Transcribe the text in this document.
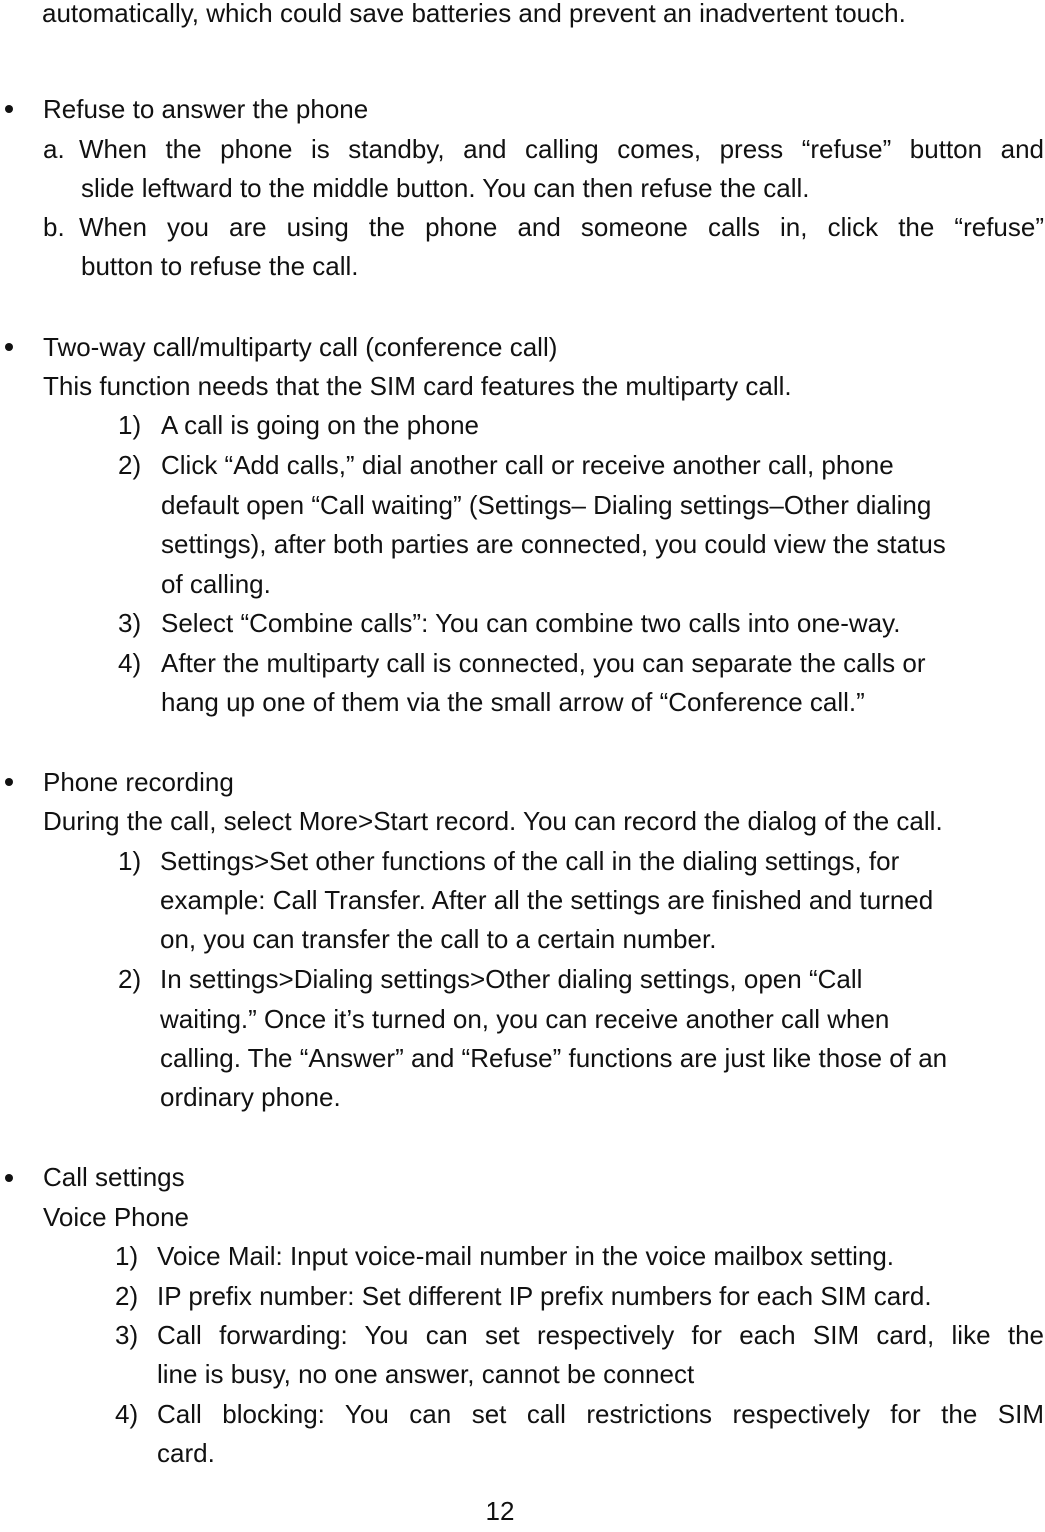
automatically, which could save batteries and prevent an inadvertent touch.
Refuse to answer the phone
a. When the phone is standby, and calling comes, press “refuse” button and
slide leftward to the middle button. You can then refuse the call.
b. When you are using the phone and someone calls in, click the “refuse”
button to refuse the call.
Two-way call/multiparty call (conference call)
This function needs that the SIM card features the multiparty call.
1) A call is going on the phone
2) Click “Add calls,” dial another call or receive another call, phone
default open “Call waiting” (Settings– Dialing settings–Other dialing
settings), after both parties are connected, you could view the status
of calling.
3) Select “Combine calls”: You can combine two calls into one-way.
4) After the multiparty call is connected, you can separate the calls or
hang up one of them via the small arrow of “Conference call.”
Phone recording
During the call, select More>Start record. You can record the dialog of the call.
1) Settings>Set other functions of the call in the dialing settings, for
example: Call Transfer. After all the settings are finished and turned
on, you can transfer the call to a certain number.
2) In settings>Dialing settings>Other dialing settings, open “Call
waiting.” Once it’s turned on, you can receive another call when
calling. The “Answer” and “Refuse” functions are just like those of an
ordinary phone.
Call settings
Voice Phone
1) Voice Mail: Input voice-mail number in the voice mailbox setting.
2) IP prefix number: Set different IP prefix numbers for each SIM card.
3) Call forwarding: You can set respectively for each SIM card, like the
line is busy, no one answer, cannot be connect
4) Call blocking: You can set call restrictions respectively for the SIM
card.
12
